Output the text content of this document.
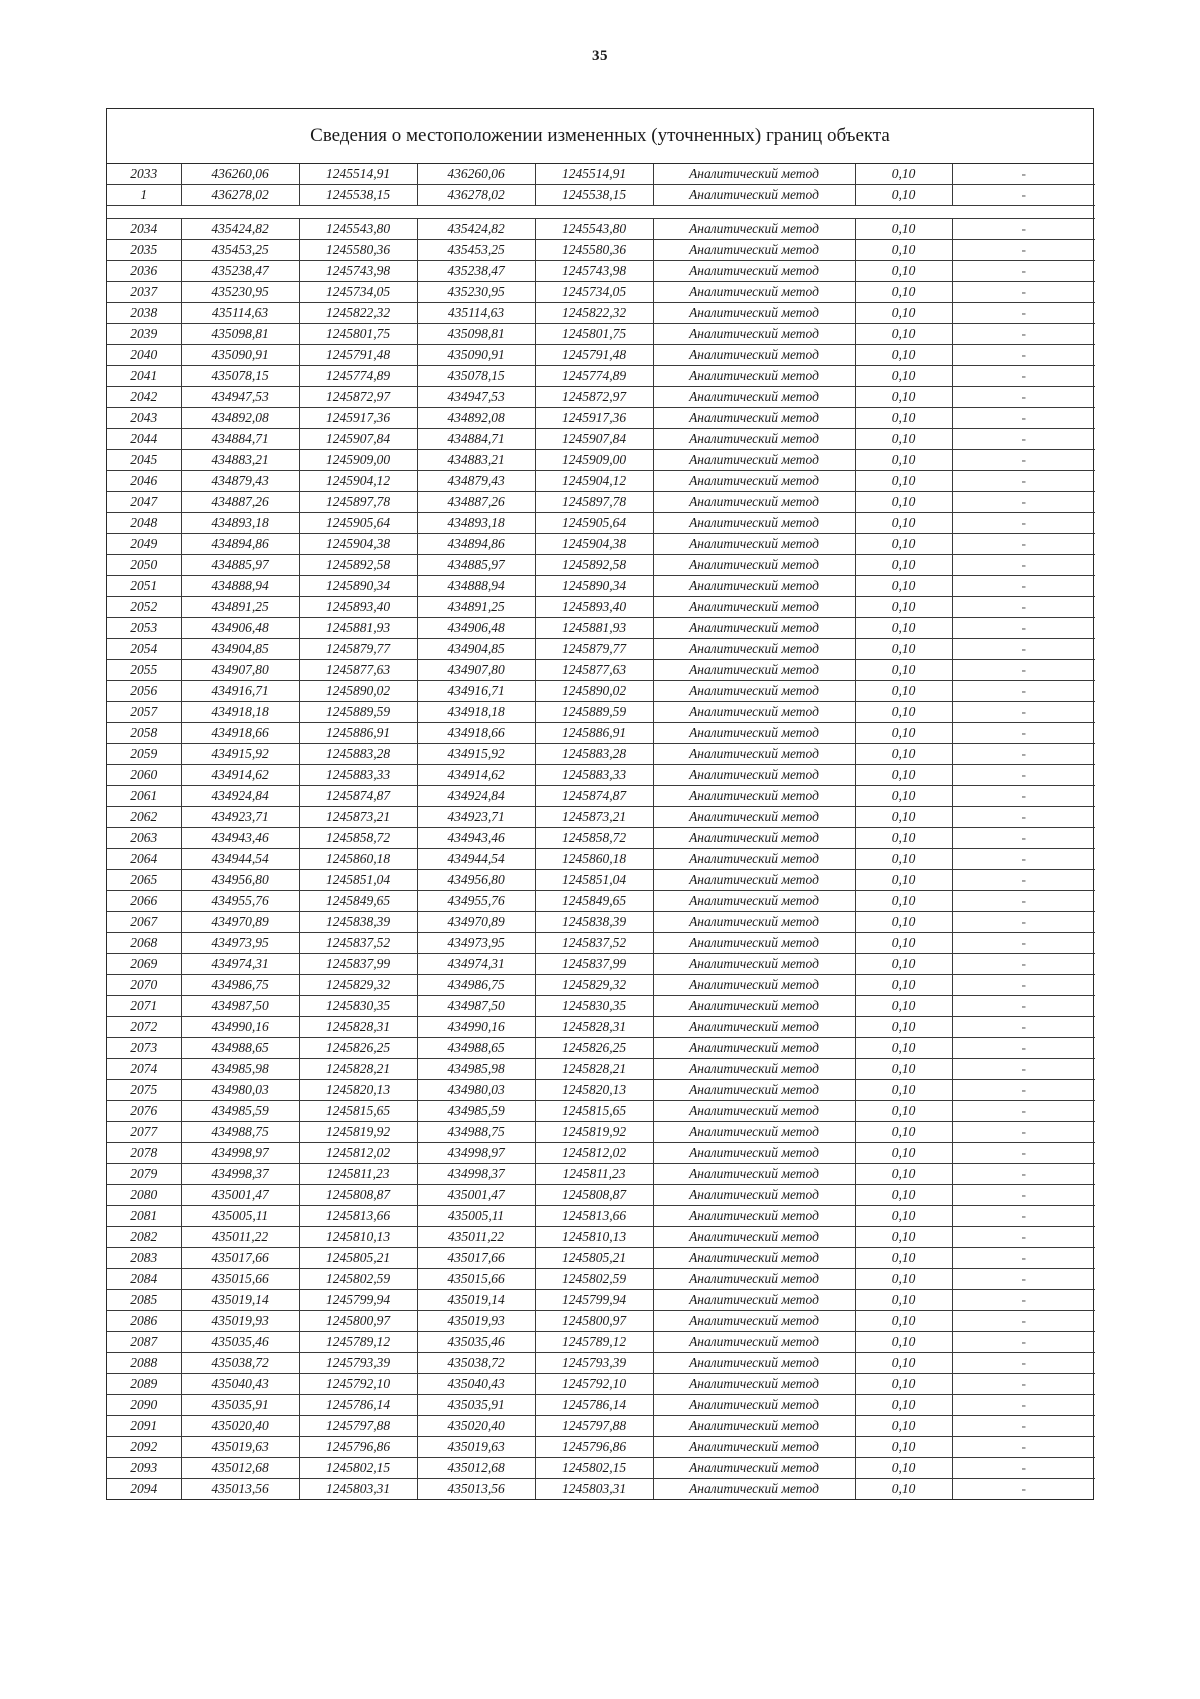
35
Сведения о местоположении измененных (уточненных) границ объекта
2033	436260,06	1245514,91	436260,06	1245514,91	Аналитический метод	0,10	-
1	436278,02	1245538,15	436278,02	1245538,15	Аналитический метод	0,10	-

2034	435424,82	1245543,80	435424,82	1245543,80	Аналитический метод	0,10	-
2035	435453,25	1245580,36	435453,25	1245580,36	Аналитический метод	0,10	-
2036	435238,47	1245743,98	435238,47	1245743,98	Аналитический метод	0,10	-
2037	435230,95	1245734,05	435230,95	1245734,05	Аналитический метод	0,10	-
2038	435114,63	1245822,32	435114,63	1245822,32	Аналитический метод	0,10	-
2039	435098,81	1245801,75	435098,81	1245801,75	Аналитический метод	0,10	-
2040	435090,91	1245791,48	435090,91	1245791,48	Аналитический метод	0,10	-
2041	435078,15	1245774,89	435078,15	1245774,89	Аналитический метод	0,10	-
2042	434947,53	1245872,97	434947,53	1245872,97	Аналитический метод	0,10	-
2043	434892,08	1245917,36	434892,08	1245917,36	Аналитический метод	0,10	-
2044	434884,71	1245907,84	434884,71	1245907,84	Аналитический метод	0,10	-
2045	434883,21	1245909,00	434883,21	1245909,00	Аналитический метод	0,10	-
2046	434879,43	1245904,12	434879,43	1245904,12	Аналитический метод	0,10	-
2047	434887,26	1245897,78	434887,26	1245897,78	Аналитический метод	0,10	-
2048	434893,18	1245905,64	434893,18	1245905,64	Аналитический метод	0,10	-
2049	434894,86	1245904,38	434894,86	1245904,38	Аналитический метод	0,10	-
2050	434885,97	1245892,58	434885,97	1245892,58	Аналитический метод	0,10	-
2051	434888,94	1245890,34	434888,94	1245890,34	Аналитический метод	0,10	-
2052	434891,25	1245893,40	434891,25	1245893,40	Аналитический метод	0,10	-
2053	434906,48	1245881,93	434906,48	1245881,93	Аналитический метод	0,10	-
2054	434904,85	1245879,77	434904,85	1245879,77	Аналитический метод	0,10	-
2055	434907,80	1245877,63	434907,80	1245877,63	Аналитический метод	0,10	-
2056	434916,71	1245890,02	434916,71	1245890,02	Аналитический метод	0,10	-
2057	434918,18	1245889,59	434918,18	1245889,59	Аналитический метод	0,10	-
2058	434918,66	1245886,91	434918,66	1245886,91	Аналитический метод	0,10	-
2059	434915,92	1245883,28	434915,92	1245883,28	Аналитический метод	0,10	-
2060	434914,62	1245883,33	434914,62	1245883,33	Аналитический метод	0,10	-
2061	434924,84	1245874,87	434924,84	1245874,87	Аналитический метод	0,10	-
2062	434923,71	1245873,21	434923,71	1245873,21	Аналитический метод	0,10	-
2063	434943,46	1245858,72	434943,46	1245858,72	Аналитический метод	0,10	-
2064	434944,54	1245860,18	434944,54	1245860,18	Аналитический метод	0,10	-
2065	434956,80	1245851,04	434956,80	1245851,04	Аналитический метод	0,10	-
2066	434955,76	1245849,65	434955,76	1245849,65	Аналитический метод	0,10	-
2067	434970,89	1245838,39	434970,89	1245838,39	Аналитический метод	0,10	-
2068	434973,95	1245837,52	434973,95	1245837,52	Аналитический метод	0,10	-
2069	434974,31	1245837,99	434974,31	1245837,99	Аналитический метод	0,10	-
2070	434986,75	1245829,32	434986,75	1245829,32	Аналитический метод	0,10	-
2071	434987,50	1245830,35	434987,50	1245830,35	Аналитический метод	0,10	-
2072	434990,16	1245828,31	434990,16	1245828,31	Аналитический метод	0,10	-
2073	434988,65	1245826,25	434988,65	1245826,25	Аналитический метод	0,10	-
2074	434985,98	1245828,21	434985,98	1245828,21	Аналитический метод	0,10	-
2075	434980,03	1245820,13	434980,03	1245820,13	Аналитический метод	0,10	-
2076	434985,59	1245815,65	434985,59	1245815,65	Аналитический метод	0,10	-
2077	434988,75	1245819,92	434988,75	1245819,92	Аналитический метод	0,10	-
2078	434998,97	1245812,02	434998,97	1245812,02	Аналитический метод	0,10	-
2079	434998,37	1245811,23	434998,37	1245811,23	Аналитический метод	0,10	-
2080	435001,47	1245808,87	435001,47	1245808,87	Аналитический метод	0,10	-
2081	435005,11	1245813,66	435005,11	1245813,66	Аналитический метод	0,10	-
2082	435011,22	1245810,13	435011,22	1245810,13	Аналитический метод	0,10	-
2083	435017,66	1245805,21	435017,66	1245805,21	Аналитический метод	0,10	-
2084	435015,66	1245802,59	435015,66	1245802,59	Аналитический метод	0,10	-
2085	435019,14	1245799,94	435019,14	1245799,94	Аналитический метод	0,10	-
2086	435019,93	1245800,97	435019,93	1245800,97	Аналитический метод	0,10	-
2087	435035,46	1245789,12	435035,46	1245789,12	Аналитический метод	0,10	-
2088	435038,72	1245793,39	435038,72	1245793,39	Аналитический метод	0,10	-
2089	435040,43	1245792,10	435040,43	1245792,10	Аналитический метод	0,10	-
2090	435035,91	1245786,14	435035,91	1245786,14	Аналитический метод	0,10	-
2091	435020,40	1245797,88	435020,40	1245797,88	Аналитический метод	0,10	-
2092	435019,63	1245796,86	435019,63	1245796,86	Аналитический метод	0,10	-
2093	435012,68	1245802,15	435012,68	1245802,15	Аналитический метод	0,10	-
2094	435013,56	1245803,31	435013,56	1245803,31	Аналитический метод	0,10	-
